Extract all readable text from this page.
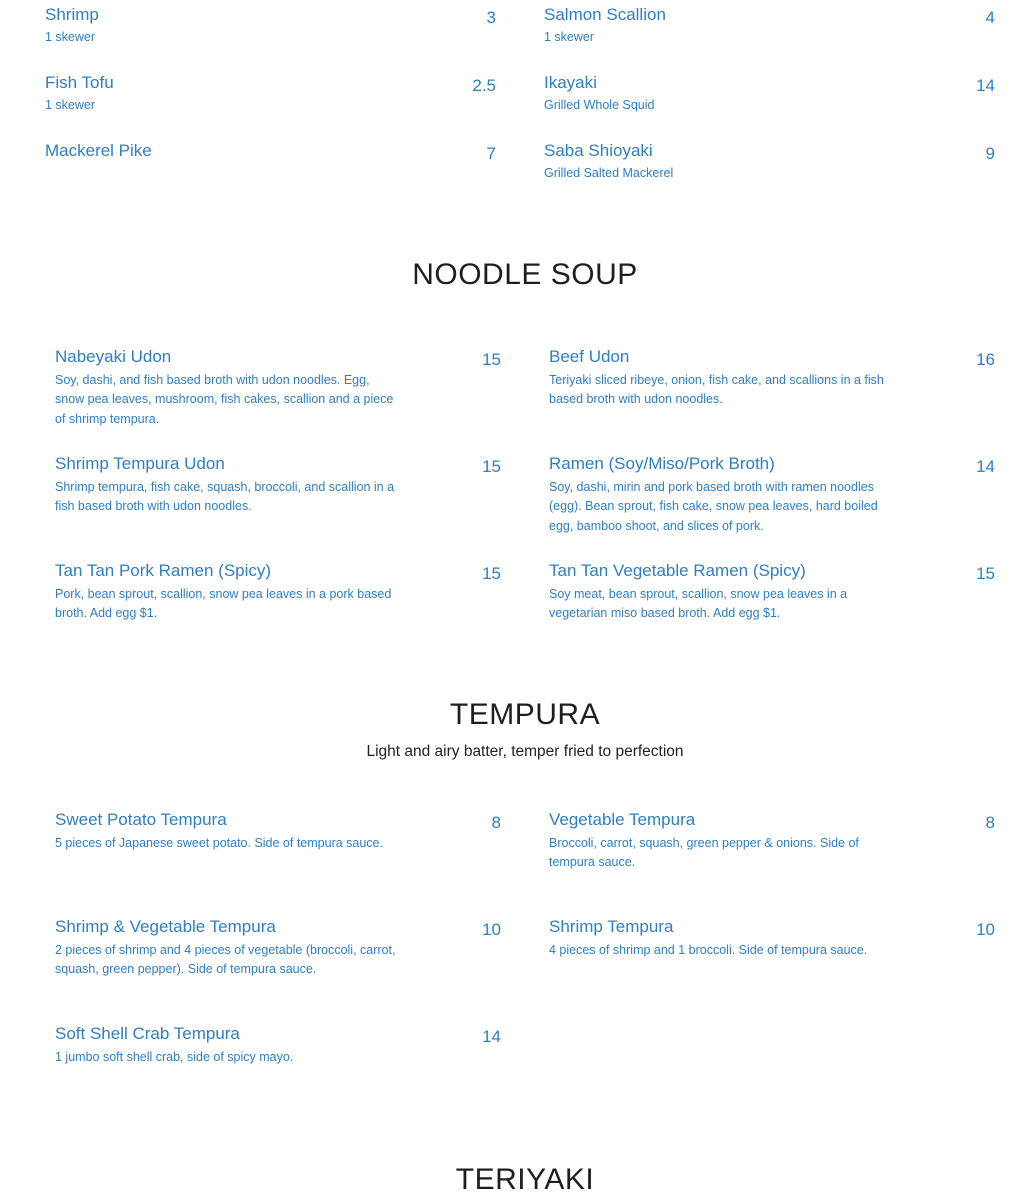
Shrimp
1 skewer
3	Salmon Scallion
1 skewer
4
Fish Tofu
1 skewer
2.5	Ikayaki
Grilled Whole Squid
14
Mackerel Pike	7	Saba Shioyaki
Grilled Salted Mackerel
9
NOODLE SOUP
Nabeyaki Udon
Soy, dashi, and fish based broth with udon noodles. Egg, snow pea leaves, mushroom, fish cakes, scallion and a piece of shrimp tempura.
15	Beef Udon
Teriyaki sliced ribeye, onion, fish cake, and scallions in a fish based broth with udon noodles.
16
Shrimp Tempura Udon
Shrimp tempura, fish cake, squash, broccoli, and scallion in a fish based broth with udon noodles.
15	Ramen (Soy/Miso/Pork Broth)
Soy, dashi, mirin and pork based broth with ramen noodles (egg). Bean sprout, fish cake, snow pea leaves, hard boiled egg, bamboo shoot, and slices of pork.
14
Tan Tan Pork Ramen (Spicy)
Pork, bean sprout, scallion, snow pea leaves in a pork based broth. Add egg $1.
15	Tan Tan Vegetable Ramen (Spicy)
Soy meat, bean sprout, scallion, snow pea leaves in a vegetarian miso based broth. Add egg $1.
15
TEMPURA

Light and airy batter, temper fried to perfection

Sweet Potato Tempura
5 pieces of Japanese sweet potato. Side of tempura sauce.
8	Vegetable Tempura
Broccoli, carrot, squash, green pepper & onions. Side of tempura sauce.
8
Shrimp & Vegetable Tempura
2 pieces of shrimp and 4 pieces of vegetable (broccoli, carrot, squash, green pepper). Side of tempura sauce.
10	Shrimp Tempura
4 pieces of shrimp and 1 broccoli. Side of tempura sauce.
10
Soft Shell Crab Tempura
1 jumbo soft shell crab, side of spicy mayo.
14
TERIYAKI
